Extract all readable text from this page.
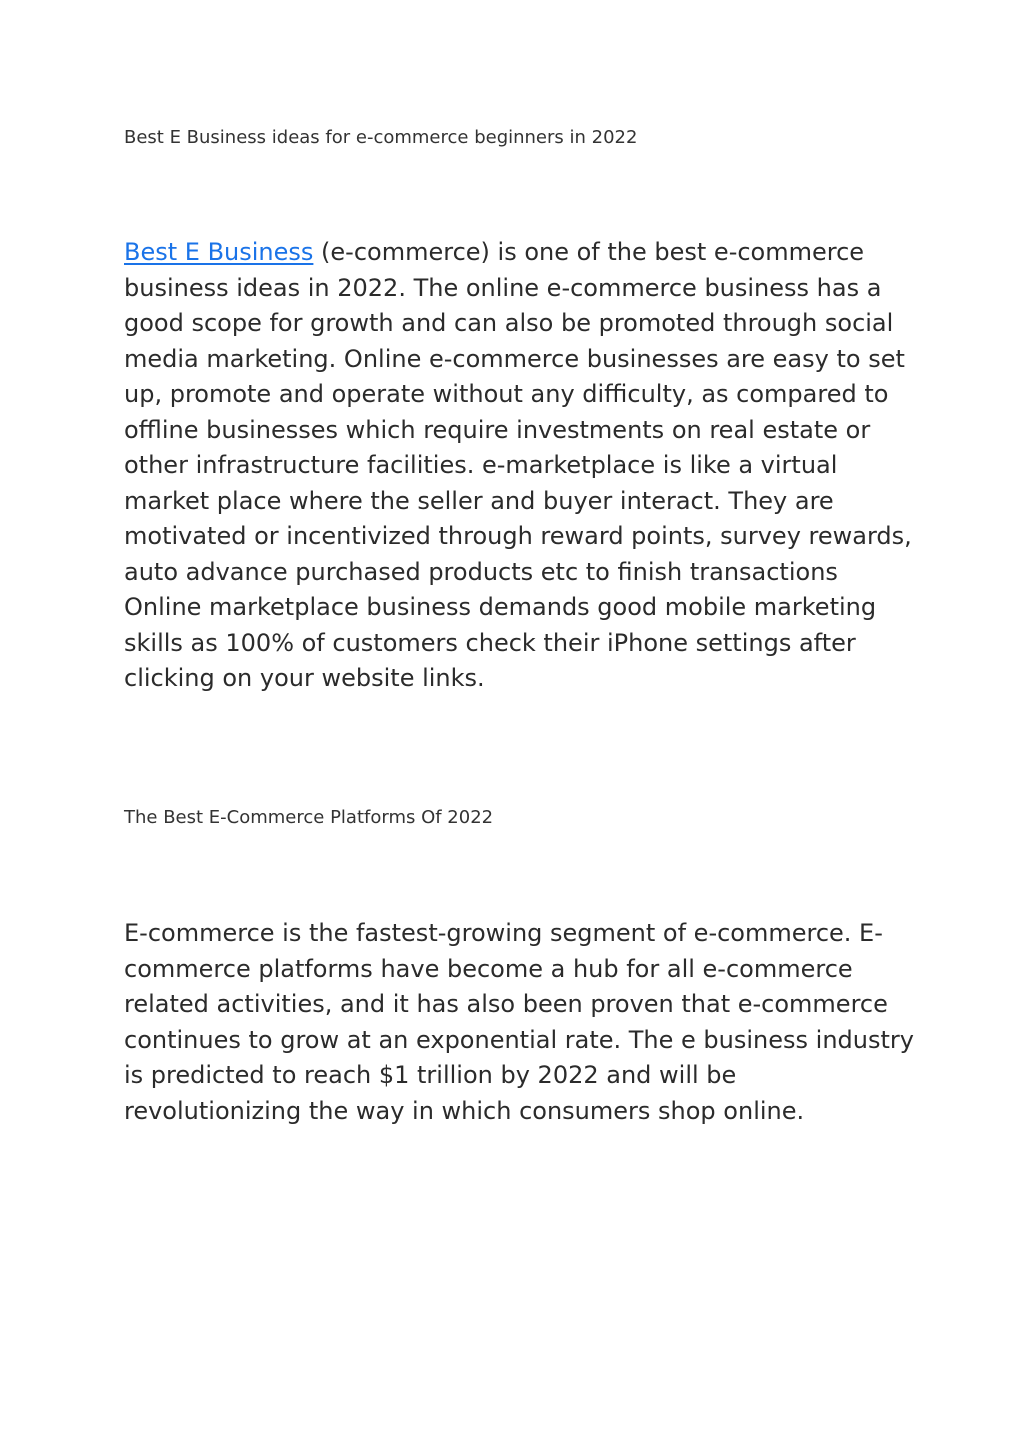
Best E Business ideas for e-commerce beginners in 2022

Best E Business (e-commerce) is one of the best e-commerce
business ideas in 2022. The online e-commerce business has a
good scope for growth and can also be promoted through social
media marketing. Online e-commerce businesses are easy to set
up, promote and operate without any difficulty, as compared to
offline businesses which require investments on real estate or
other infrastructure facilities. e-marketplace is like a virtual
market place where the seller and buyer interact. They are
motivated or incentivized through reward points, survey rewards,
auto advance purchased products etc to finish transactions
Online marketplace business demands good mobile marketing
skills as 100% of customers check their iPhone settings after
clicking on your website links.

The Best E-Commerce Platforms Of 2022

E-commerce is the fastest-growing segment of e-commerce. E-
commerce platforms have become a hub for all e-commerce
related activities, and it has also been proven that e-commerce
continues to grow at an exponential rate. The e business industry
is predicted to reach $1 trillion by 2022 and will be
revolutionizing the way in which consumers shop online.
